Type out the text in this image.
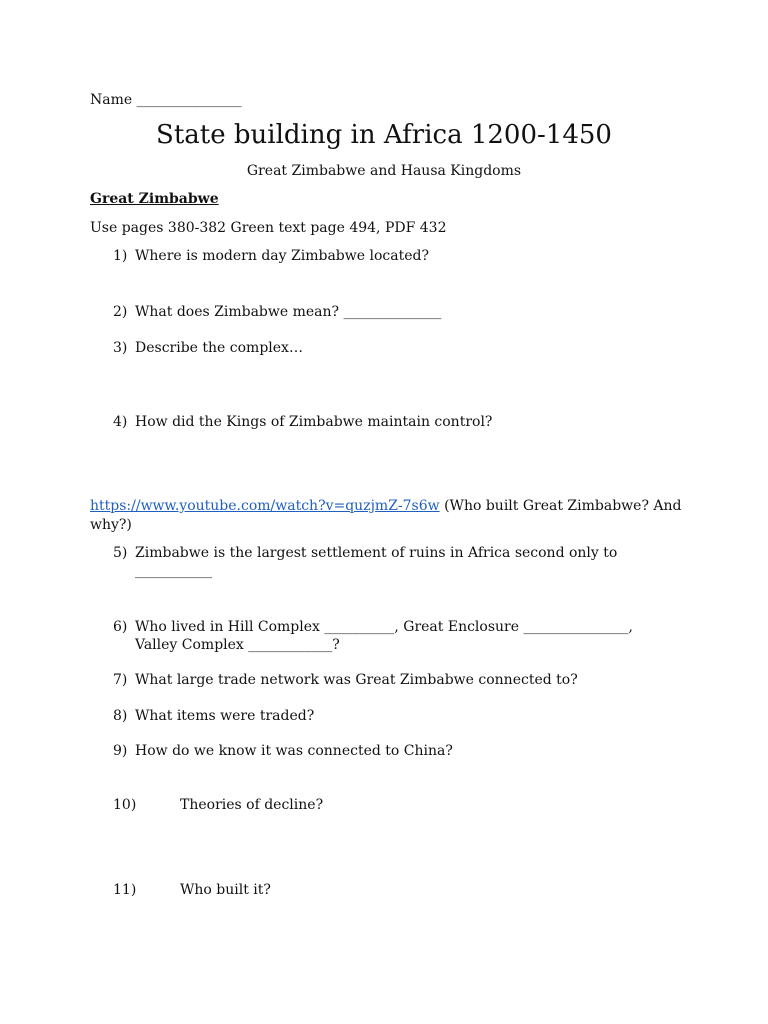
Name _______________
State building in Africa 1200-1450
Great Zimbabwe and Hausa Kingdoms
Great Zimbabwe
Use pages 380-382 Green text page 494, PDF 432
1) Where is modern day Zimbabwe located?
2) What does Zimbabwe mean? ______________
3) Describe the complex…
4) How did the Kings of Zimbabwe maintain control?
https://www.youtube.com/watch?v=quzjmZ-7s6w (Who built Great Zimbabwe? And
why?)
5) Zimbabwe is the largest settlement of ruins in Africa second only to
___________
6) Who lived in Hill Complex __________, Great Enclosure _______________,
Valley Complex ____________?
7) What large trade network was Great Zimbabwe connected to?
8) What items were traded?
9) How do we know it was connected to China?
10)	Theories of decline?
11)	Who built it?
